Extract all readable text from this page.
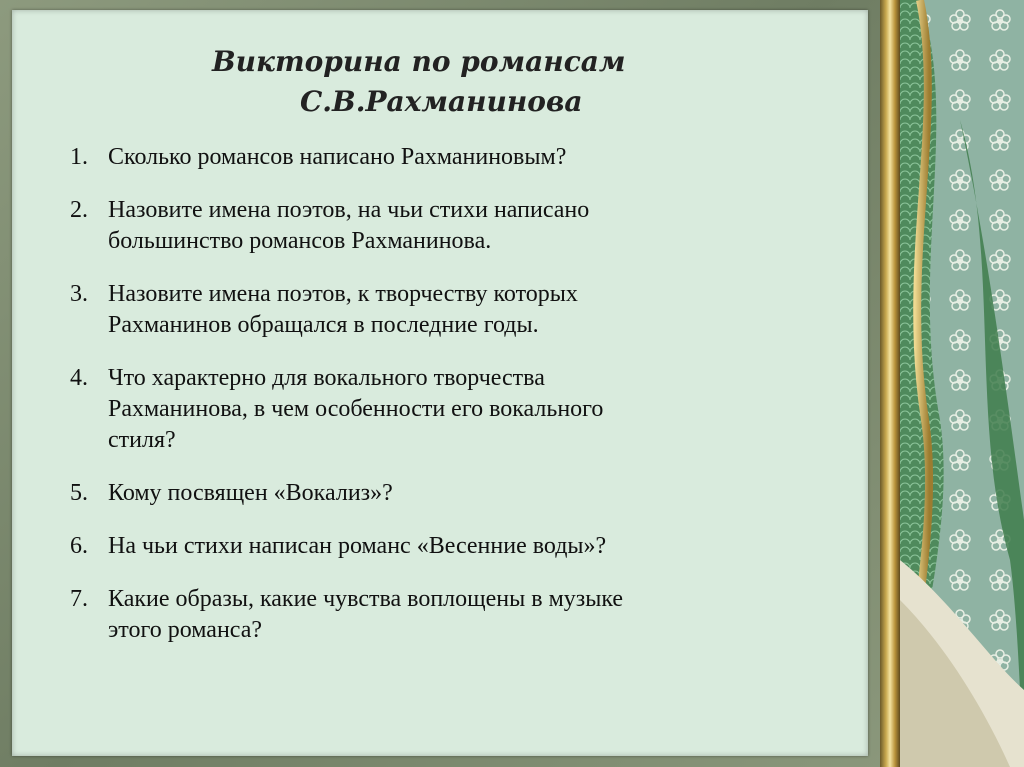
Викторина по романсам
С.В.Рахманинова
1. Сколько романсов написано Рахманиновым?
2. Назовите имена поэтов, на чьи стихи написано
большинство романсов Рахманинова.
3. Назовите имена поэтов, к творчеству которых
Рахманинов обращался в последние годы.
4. Что характерно для вокального творчества
Рахманинова, в чем особенности его вокального
стиля?
5. Кому посвящен «Вокализ»?
6. На чьи стихи написан романс «Весенние воды»?
7. Какие образы, какие чувства воплощены в музыке
этого романса?
